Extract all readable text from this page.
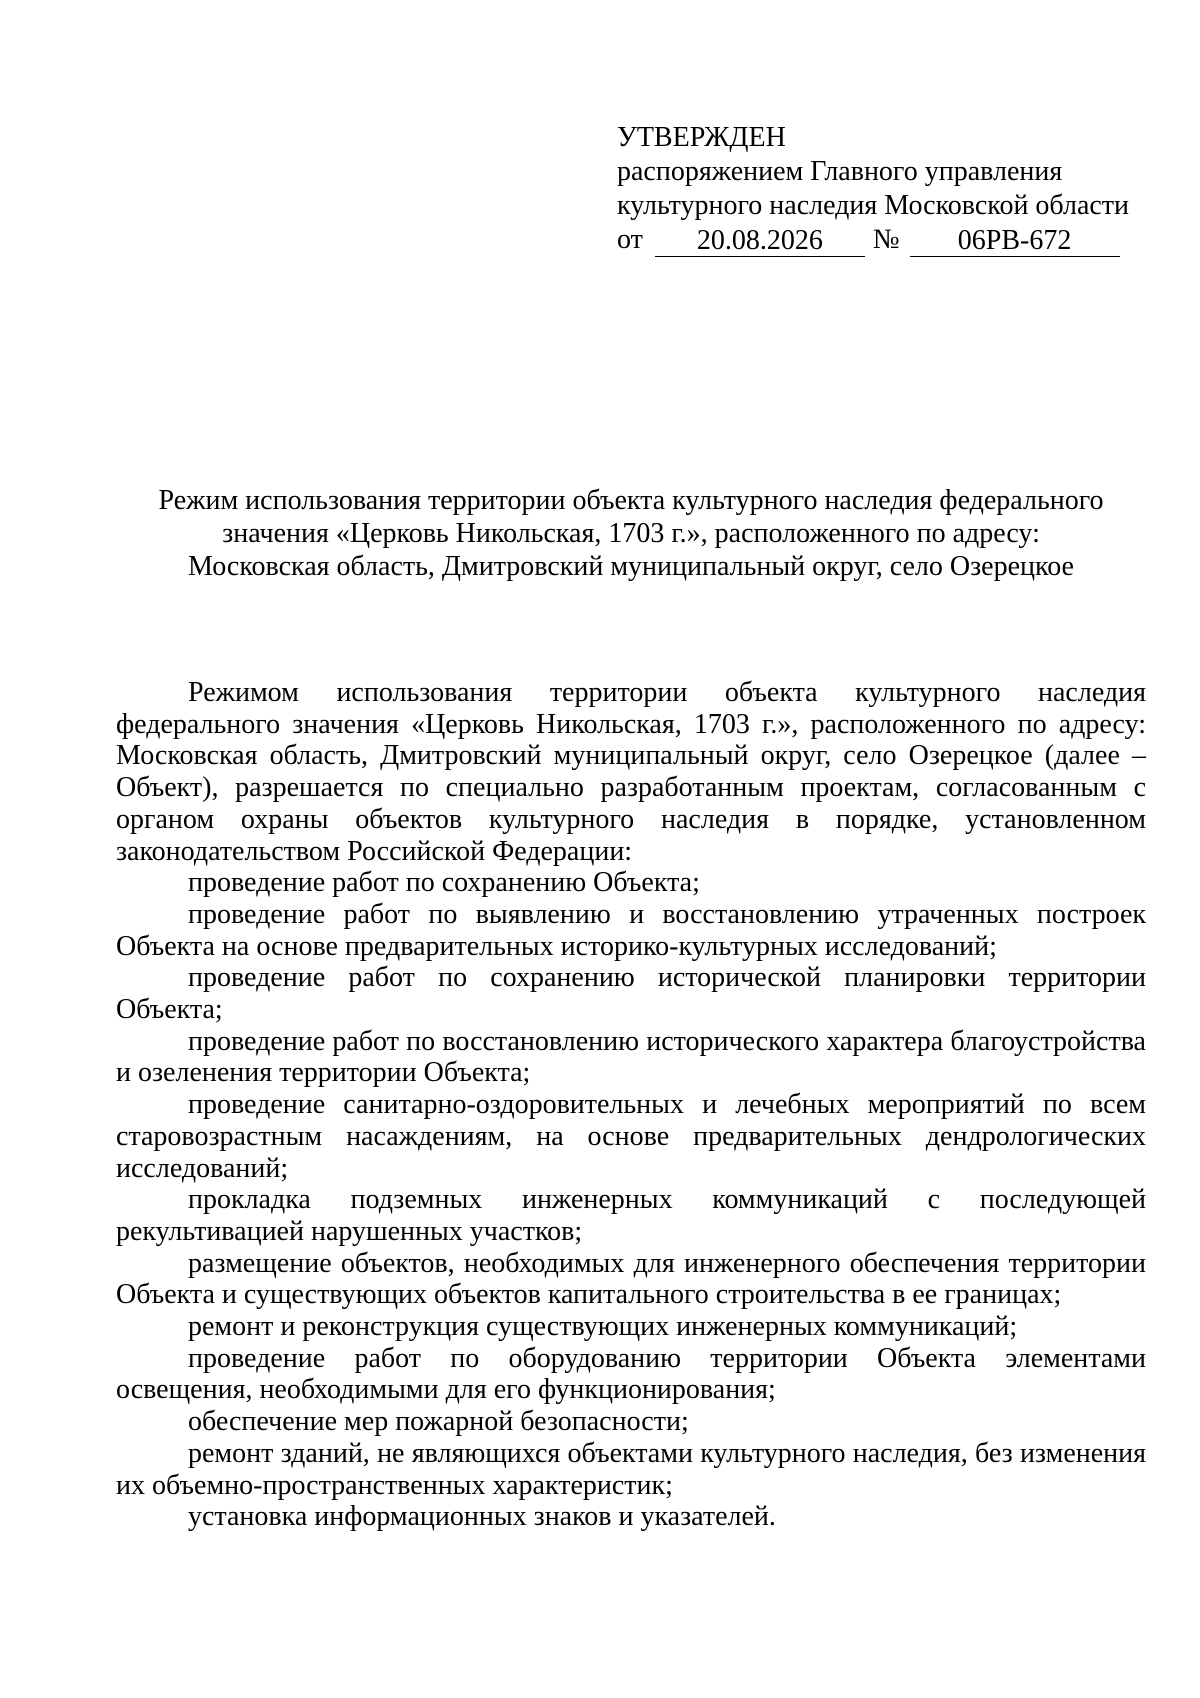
УТВЕРЖДЕН
распоряжением Главного управления
культурного наследия Московской области
от	20.08.2026	№	06РВ-672
Режим использования территории объекта культурного наследия федерального
значения «Церковь Никольская, 1703 г.», расположенного по адресу:
Московская область, Дмитровский муниципальный округ, село Озерецкое

Режимом использования территории объекта культурного наследия федерального значения «Церковь Никольская, 1703 г.», расположенного по адресу: Московская область, Дмитровский муниципальный округ, село Озерецкое (далее – Объект), разрешается по специально разработанным проектам, согласованным с органом охраны объектов культурного наследия в порядке, установленном законодательством Российской Федерации:

проведение работ по сохранению Объекта;

проведение работ по выявлению и восстановлению утраченных построек Объекта на основе предварительных историко-культурных исследований;

проведение работ по сохранению исторической планировки территории Объекта;

проведение работ по восстановлению исторического характера благоустройства и озеленения территории Объекта;

проведение санитарно-оздоровительных и лечебных мероприятий по всем старовозрастным насаждениям, на основе предварительных дендрологических исследований;

прокладка подземных инженерных коммуникаций с последующей рекультивацией нарушенных участков;

размещение объектов, необходимых для инженерного обеспечения территории Объекта и существующих объектов капитального строительства в ее границах;

ремонт и реконструкция существующих инженерных коммуникаций;

проведение работ по оборудованию территории Объекта элементами освещения, необходимыми для его функционирования;

обеспечение мер пожарной безопасности;

ремонт зданий, не являющихся объектами культурного наследия, без изменения их объемно-пространственных характеристик;

установка информационных знаков и указателей.
